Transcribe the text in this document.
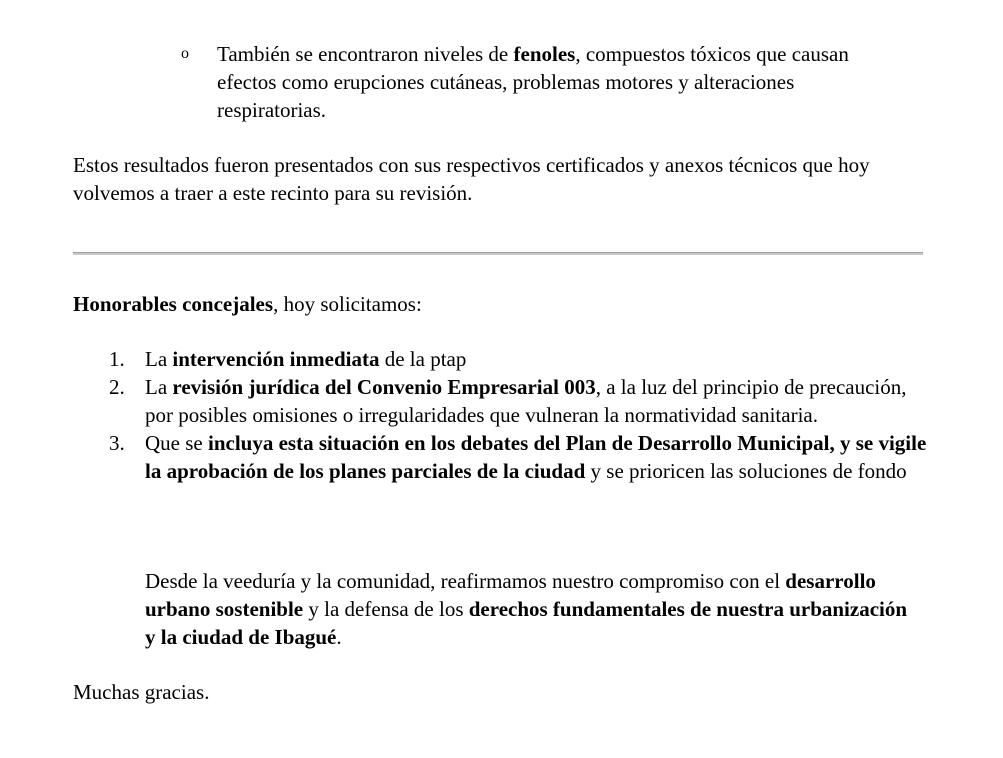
o También se encontraron niveles de fenoles, compuestos tóxicos que causan efectos como erupciones cutáneas, problemas motores y alteraciones respiratorias.
Estos resultados fueron presentados con sus respectivos certificados y anexos técnicos que hoy volvemos a traer a este recinto para su revisión.
Honorables concejales, hoy solicitamos:
1. La intervención inmediata de la ptap
2. La revisión jurídica del Convenio Empresarial 003, a la luz del principio de precaución, por posibles omisiones o irregularidades que vulneran la normatividad sanitaria.
3. Que se incluya esta situación en los debates del Plan de Desarrollo Municipal, y se vigile la aprobación de los planes parciales de la ciudad y se prioricen las soluciones de fondo
Desde la veeduría y la comunidad, reafirmamos nuestro compromiso con el desarrollo urbano sostenible y la defensa de los derechos fundamentales de nuestra urbanización y la ciudad de Ibagué.
Muchas gracias.
